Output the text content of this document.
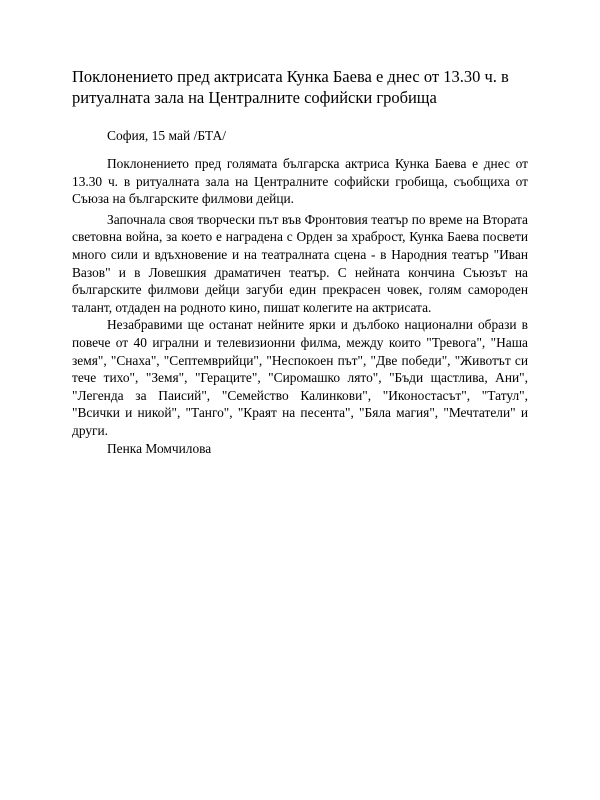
Поклонението пред актрисата Кунка Баева е днес от 13.30 ч. в ритуалната зала на Централните софийски гробища

София, 15 май /БТА/

Поклонението пред голямата българска актриса Кунка Баева е днес от 13.30 ч. в ритуалната зала на Централните софийски гробища, съобщиха от Съюза на българските филмови дейци.

Започнала своя творчески път във Фронтовия театър по време на Втората световна война, за което е наградена с Орден за храброст, Кунка Баева посвети много сили и вдъхновение и на театралната сцена - в Народния театър "Иван Вазов" и в Ловешкия драматичен театър. С нейната кончина Съюзът на българските филмови дейци загуби един прекрасен човек, голям самороден талант, отдаден на родното кино, пишат колегите на актрисата.

Незабравими ще останат нейните ярки и дълбоко национални образи в повече от 40 игрални и телевизионни филма, между които "Тревога", "Наша земя", "Снаха", "Септемврийци", "Неспокоен път", "Две победи", "Животът си тече тихо", "Земя", "Гераците", "Сиромашко лято", "Бъди щастлива, Ани", "Легенда за Паисий", "Семейство Калинкови", "Иконостасът", "Татул", "Всички и никой", "Танго", "Краят на песента", "Бяла магия", "Мечтатели" и други.

Пенка Момчилова
